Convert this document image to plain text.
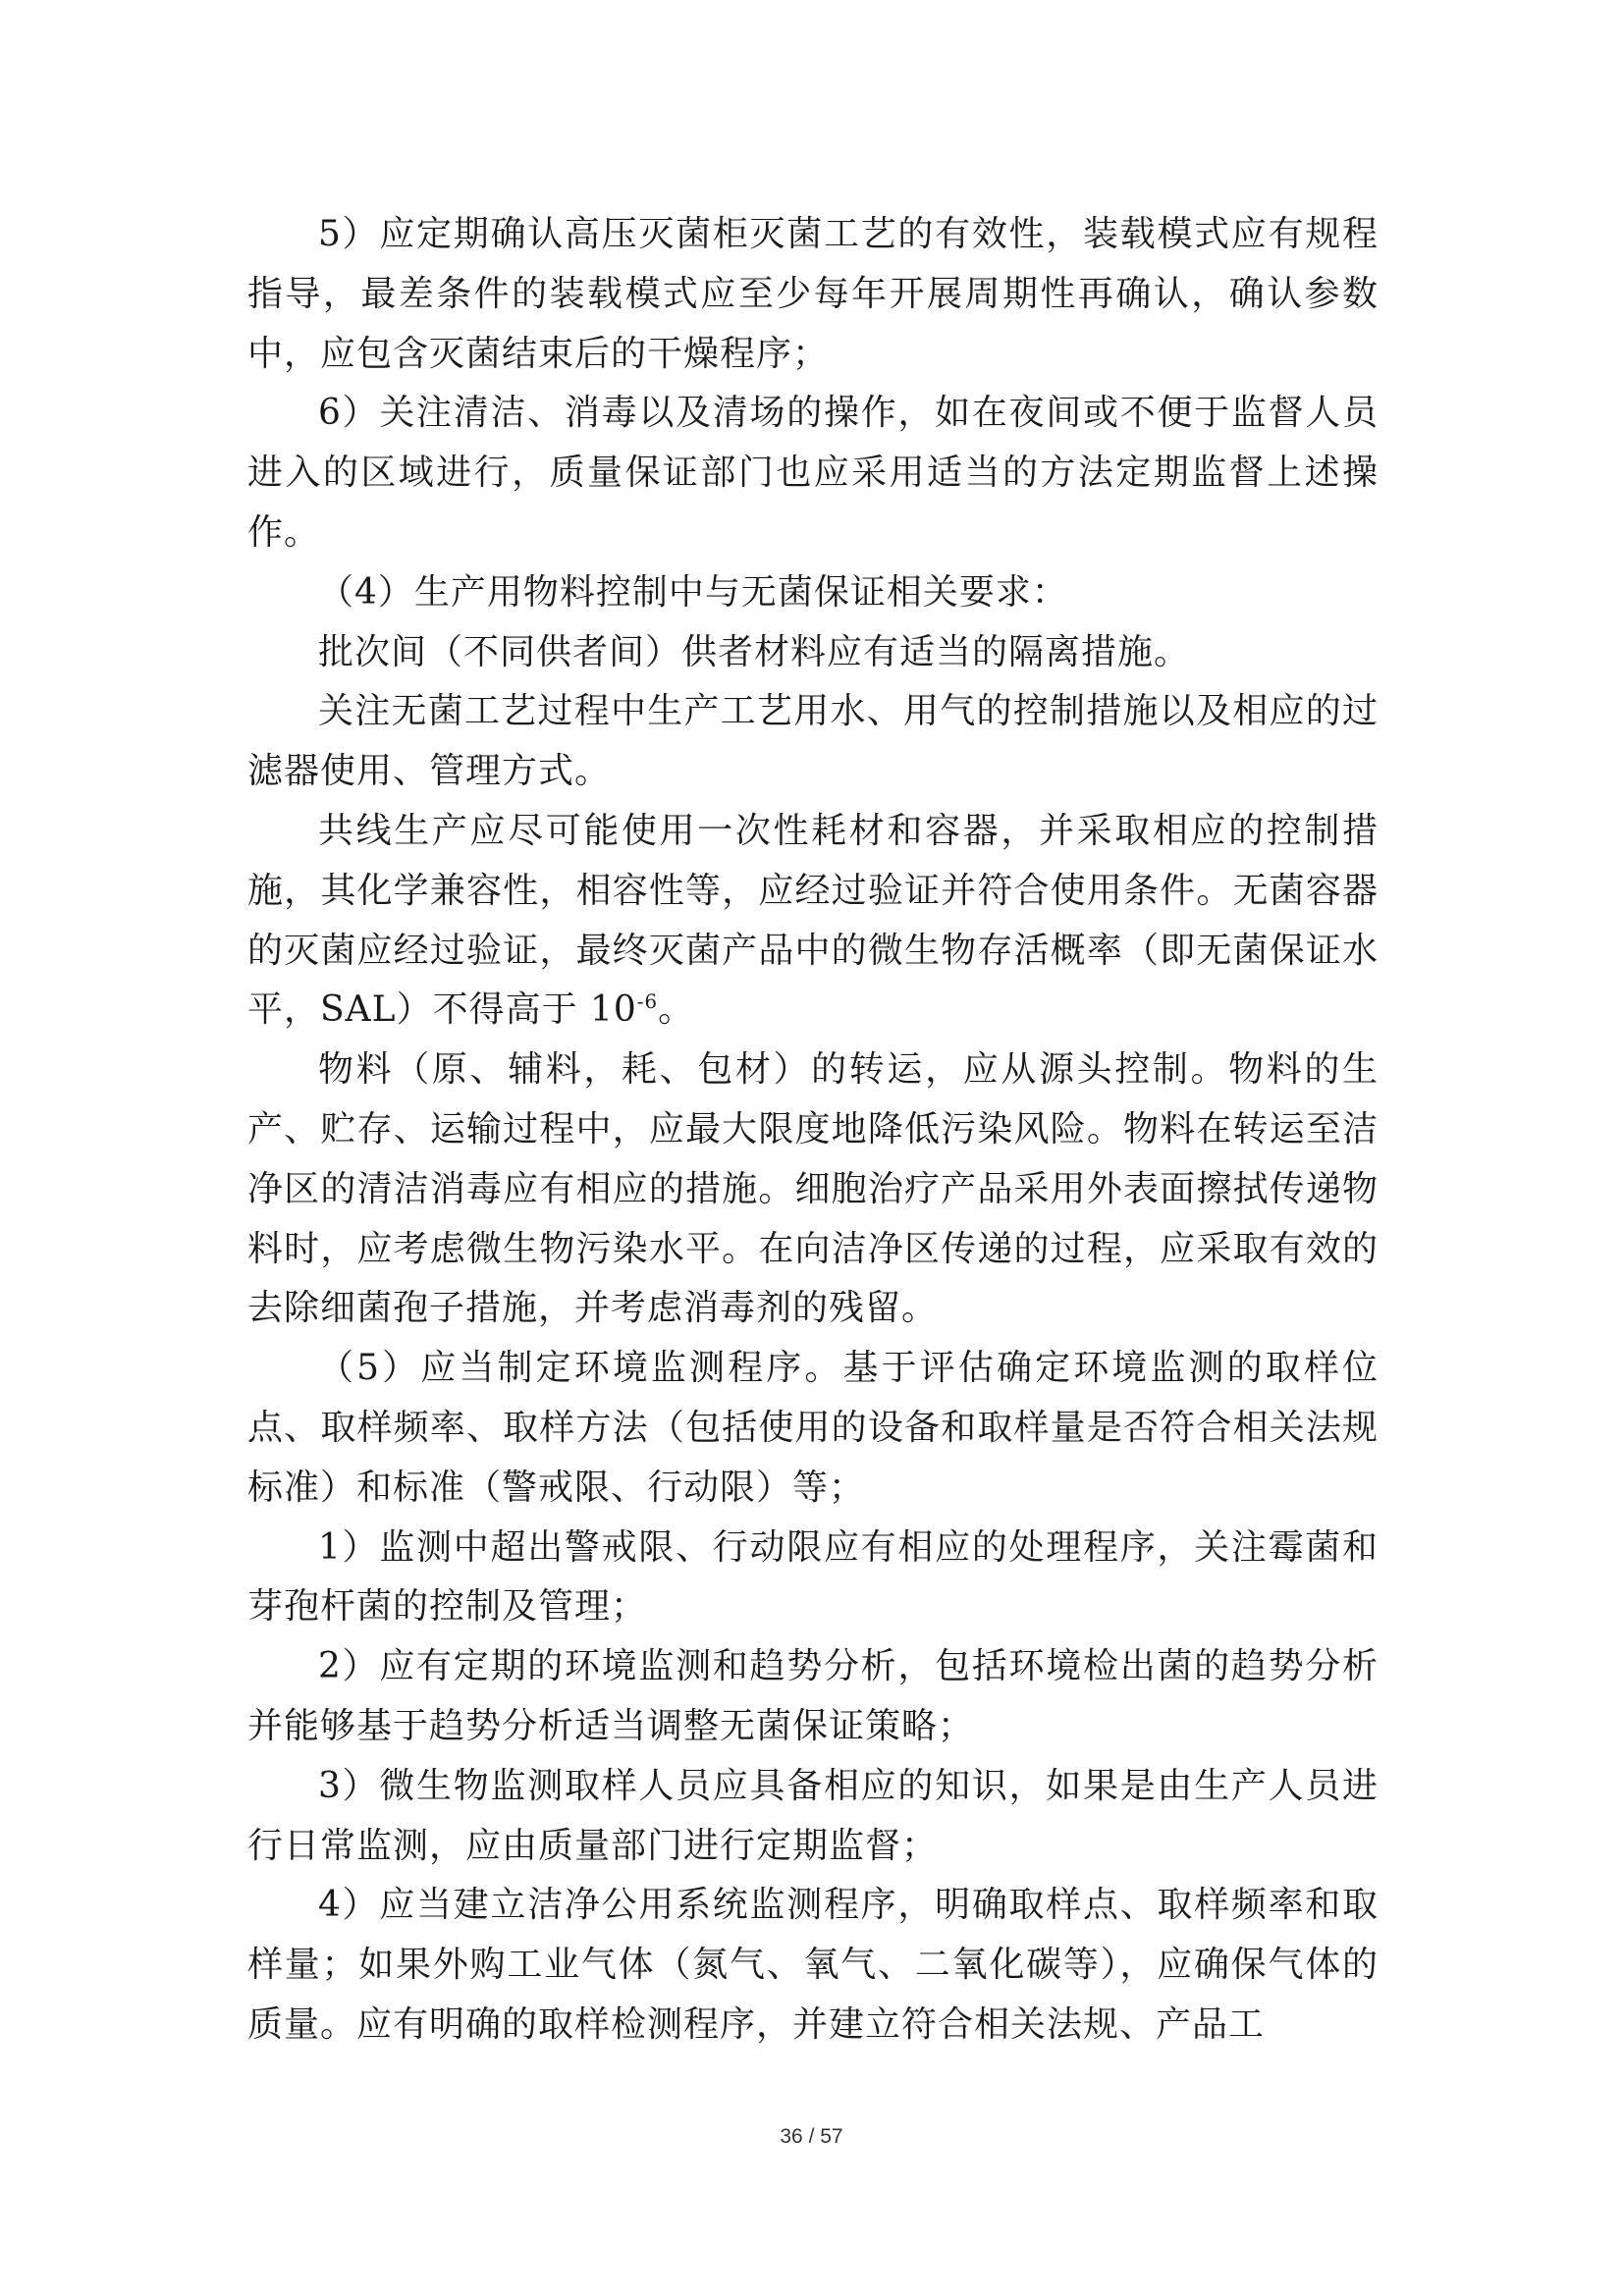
5）应定期确认高压灭菌柜灭菌工艺的有效性，装载模式应有规程指导，最差条件的装载模式应至少每年开展周期性再确认，确认参数中，应包含灭菌结束后的干燥程序；

6）关注清洁、消毒以及清场的操作，如在夜间或不便于监督人员进入的区域进行，质量保证部门也应采用适当的方法定期监督上述操作。

（4）生产用物料控制中与无菌保证相关要求：

批次间（不同供者间）供者材料应有适当的隔离措施。

关注无菌工艺过程中生产工艺用水、用气的控制措施以及相应的过滤器使用、管理方式。

共线生产应尽可能使用一次性耗材和容器，并采取相应的控制措施，其化学兼容性，相容性等，应经过验证并符合使用条件。无菌容器的灭菌应经过验证，最终灭菌产品中的微生物存活概率（即无菌保证水平，SAL）不得高于 $10^{-6}$。

物料（原、辅料，耗、包材）的转运，应从源头控制。物料的生产、贮存、运输过程中，应最大限度地降低污染风险。物料在转运至洁净区的清洁消毒应有相应的措施。细胞治疗产品采用外表面擦拭传递物料时，应考虑微生物污染水平。在向洁净区传递的过程，应采取有效的去除细菌孢子措施，并考虑消毒剂的残留。

（5）应当制定环境监测程序。基于评估确定环境监测的取样位点、取样频率、取样方法（包括使用的设备和取样量是否符合相关法规标准）和标准（警戒限、行动限）等；

1）监测中超出警戒限、行动限应有相应的处理程序，关注霉菌和芽孢杆菌的控制及管理；

2）应有定期的环境监测和趋势分析，包括环境检出菌的趋势分析并能够基于趋势分析适当调整无菌保证策略；

3）微生物监测取样人员应具备相应的知识，如果是由生产人员进行日常监测，应由质量部门进行定期监督；

4）应当建立洁净公用系统监测程序，明确取样点、取样频率和取样量；如果外购工业气体（氮气、氧气、二氧化碳等），应确保气体的质量。应有明确的取样检测程序，并建立符合相关法规、产品工

36 / 57
